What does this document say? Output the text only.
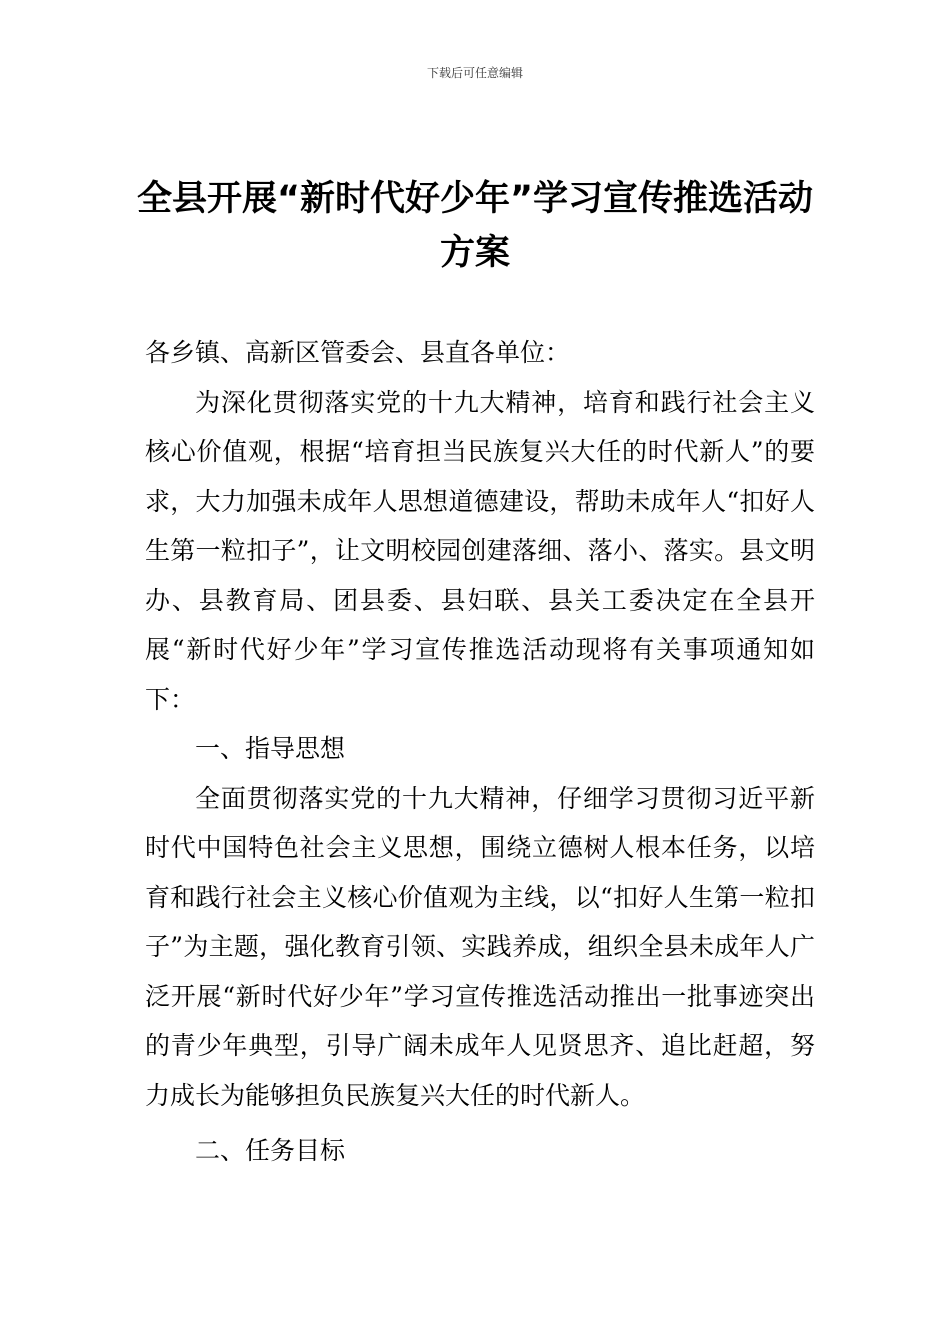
下载后可任意编辑
全县开展“新时代好少年”学习宣传推选活动方案

各乡镇、高新区管委会、县直各单位：

为深化贯彻落实党的十九大精神，培育和践行社会主义核心价值观，根据“培育担当民族复兴大任的时代新人”的要求，大力加强未成年人思想道德建设，帮助未成年人“扣好人生第一粒扣子”，让文明校园创建落细、落小、落实。县文明办、县教育局、团县委、县妇联、县关工委决定在全县开展“新时代好少年”学习宣传推选活动现将有关事项通知如下：

一、指导思想

全面贯彻落实党的十九大精神，仔细学习贯彻习近平新时代中国特色社会主义思想，围绕立德树人根本任务，以培育和践行社会主义核心价值观为主线，以“扣好人生第一粒扣子”为主题，强化教育引领、实践养成，组织全县未成年人广泛开展“新时代好少年”学习宣传推选活动推出一批事迹突出的青少年典型，引导广阔未成年人见贤思齐、追比赶超，努力成长为能够担负民族复兴大任的时代新人。

二、任务目标
